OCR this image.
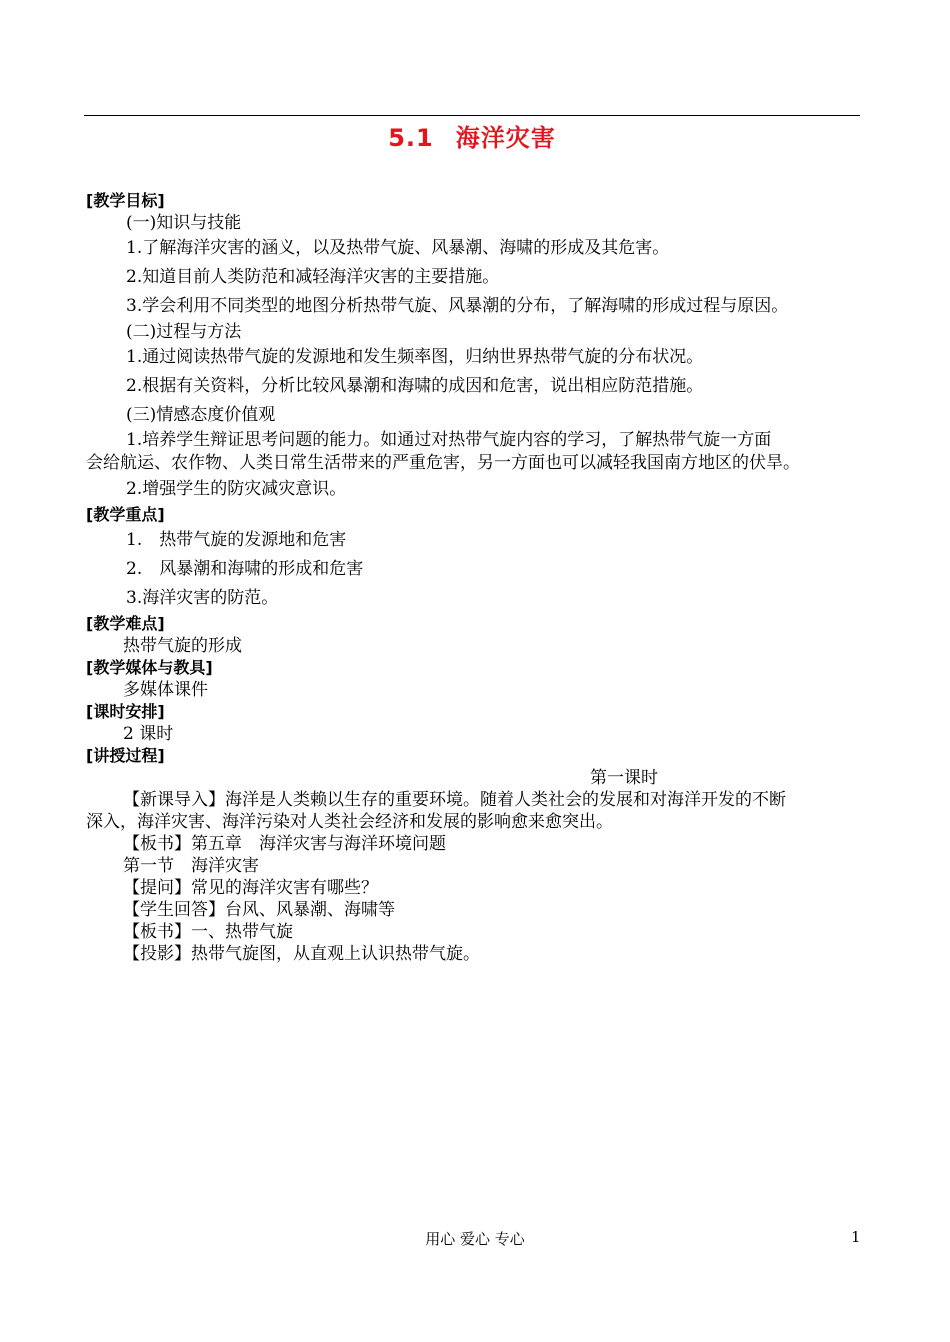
5.1 海洋灾害
[教学目标]
(一)知识与技能
1.了解海洋灾害的涵义，以及热带气旋、风暴潮、海啸的形成及其危害。
2.知道目前人类防范和减轻海洋灾害的主要措施。
3.学会利用不同类型的地图分析热带气旋、风暴潮的分布，了解海啸的形成过程与原因。
(二)过程与方法
1.通过阅读热带气旋的发源地和发生频率图，归纳世界热带气旋的分布状况。
2.根据有关资料，分析比较风暴潮和海啸的成因和危害，说出相应防范措施。
(三)情感态度价值观
1.培养学生辩证思考问题的能力。如通过对热带气旋内容的学习，了解热带气旋一方面
会给航运、农作物、人类日常生活带来的严重危害，另一方面也可以减轻我国南方地区的伏旱。
2.增强学生的防灾减灾意识。
[教学重点]
1.　热带气旋的发源地和危害
2.　风暴潮和海啸的形成和危害
3.海洋灾害的防范。
[教学难点]
热带气旋的形成
[教学媒体与教具]
多媒体课件
[课时安排]
2 课时
[讲授过程]
第一课时
【新课导入】海洋是人类赖以生存的重要环境。随着人类社会的发展和对海洋开发的不断
深入，海洋灾害、海洋污染对人类社会经济和发展的影响愈来愈突出。
【板书】第五章　海洋灾害与海洋环境问题
第一节　海洋灾害
【提问】常见的海洋灾害有哪些？
【学生回答】台风、风暴潮、海啸等
【板书】一、热带气旋
【投影】热带气旋图，从直观上认识热带气旋。
用心 爱心 专心	1
